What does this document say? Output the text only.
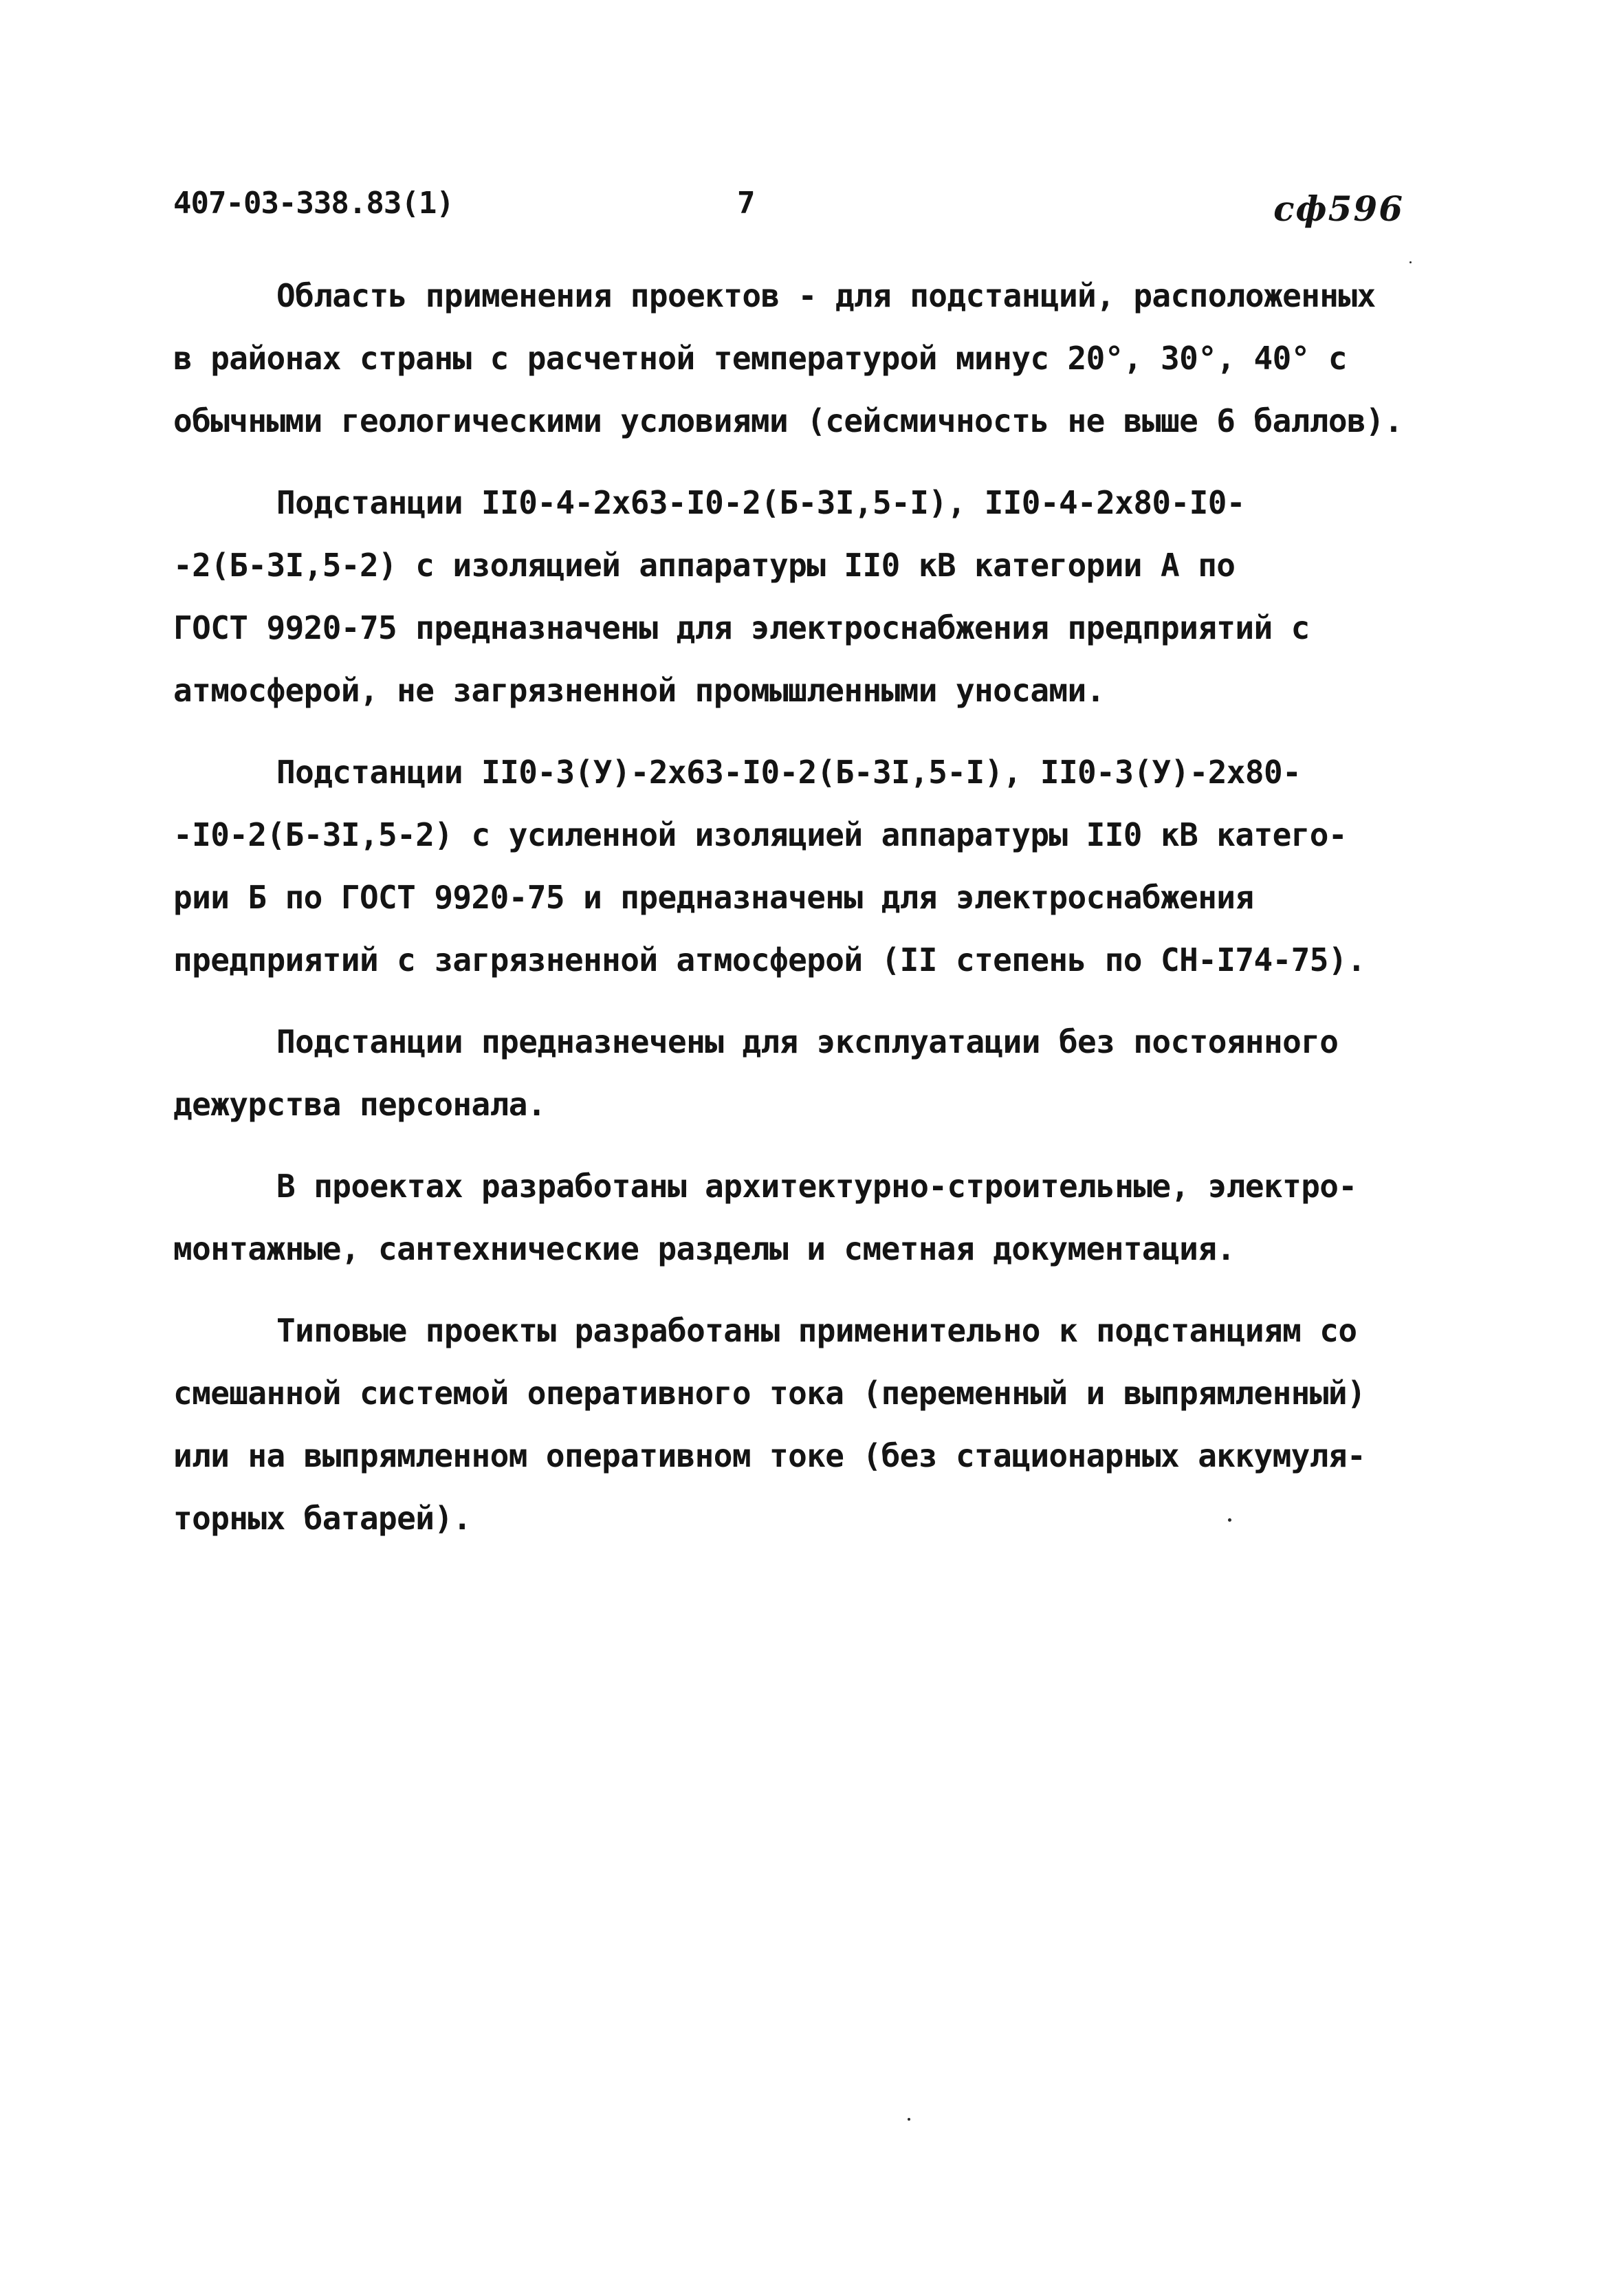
407-03-338.83(1)	7	сф596
Область применения проектов - для подстанций, расположенных
в районах страны с расчетной температурой минус 20°, 30°, 40° с
обычными геологическими условиями (сейсмичность не выше 6 баллов).
Подстанции II0-4-2x63-I0-2(Б-3I,5-I), II0-4-2x80-I0-
-2(Б-3I,5-2) с изоляцией аппаратуры II0 кВ категории А по
ГОСТ 9920-75 предназначены для электроснабжения предприятий с
атмосферой, не загрязненной промышленными уносами.
Подстанции II0-3(У)-2x63-I0-2(Б-3I,5-I), II0-3(У)-2x80-
-I0-2(Б-3I,5-2) с усиленной изоляцией аппаратуры II0 кВ катего-
рии Б по ГОСТ 9920-75 и предназначены для электроснабжения
предприятий с загрязненной атмосферой (II степень по СН-I74-75).
Подстанции предназнечены для эксплуатации без постоянного
дежурства персонала.
В проектах разработаны архитектурно-строительные, электро-
монтажные, сантехнические разделы и сметная документация.
Типовые проекты разработаны применительно к подстанциям со
смешанной системой оперативного тока (переменный и выпрямленный)
или на выпрямленном оперативном токе (без стационарных аккумуля-
торных батарей).
